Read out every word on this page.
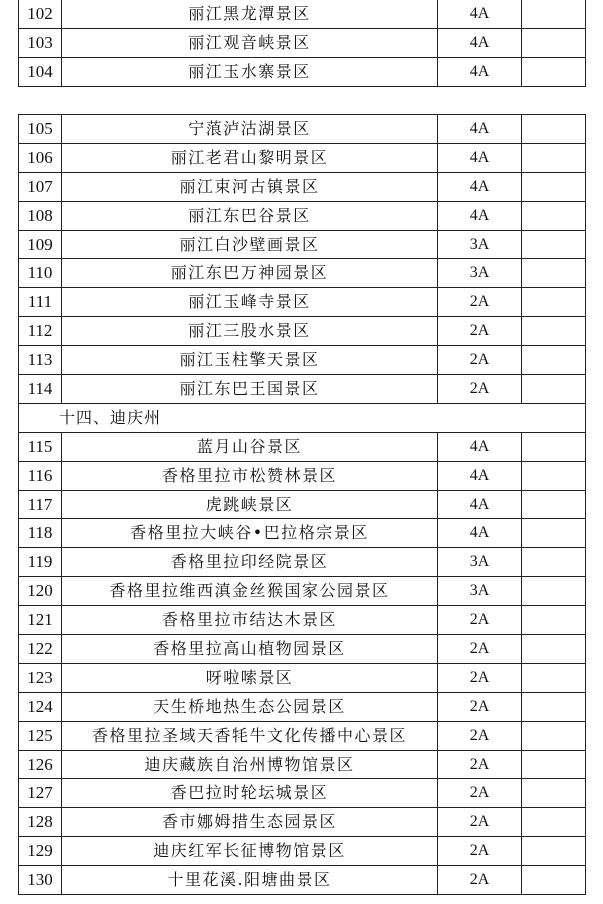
102	丽江黑龙潭景区	4A	
103	丽江观音峡景区	4A	
104	丽江玉水寨景区	4A	
105	宁蒗泸沽湖景区	4A	
106	丽江老君山黎明景区	4A	
107	丽江束河古镇景区	4A	
108	丽江东巴谷景区	4A	
109	丽江白沙壁画景区	3A	
110	丽江东巴万神园景区	3A	
111	丽江玉峰寺景区	2A	
112	丽江三股水景区	2A	
113	丽江玉柱擎天景区	2A	
114	丽江东巴王国景区	2A	
十四、迪庆州			
115	蓝月山谷景区	4A	
116	香格里拉市松赞林景区	4A	
117	虎跳峡景区	4A	
118	香格里拉大峡谷•巴拉格宗景区	4A	
119	香格里拉印经院景区	3A	
120	香格里拉维西滇金丝猴国家公园景区	3A	
121	香格里拉市结达木景区	2A	
122	香格里拉高山植物园景区	2A	
123	呀啦嗦景区	2A	
124	天生桥地热生态公园景区	2A	
125	香格里拉圣域天香牦牛文化传播中心景区	2A	
126	迪庆藏族自治州博物馆景区	2A	
127	香巴拉时轮坛城景区	2A	
128	香市娜姆措生态园景区	2A	
129	迪庆红军长征博物馆景区	2A	
130	十里花溪.阳塘曲景区	2A	
